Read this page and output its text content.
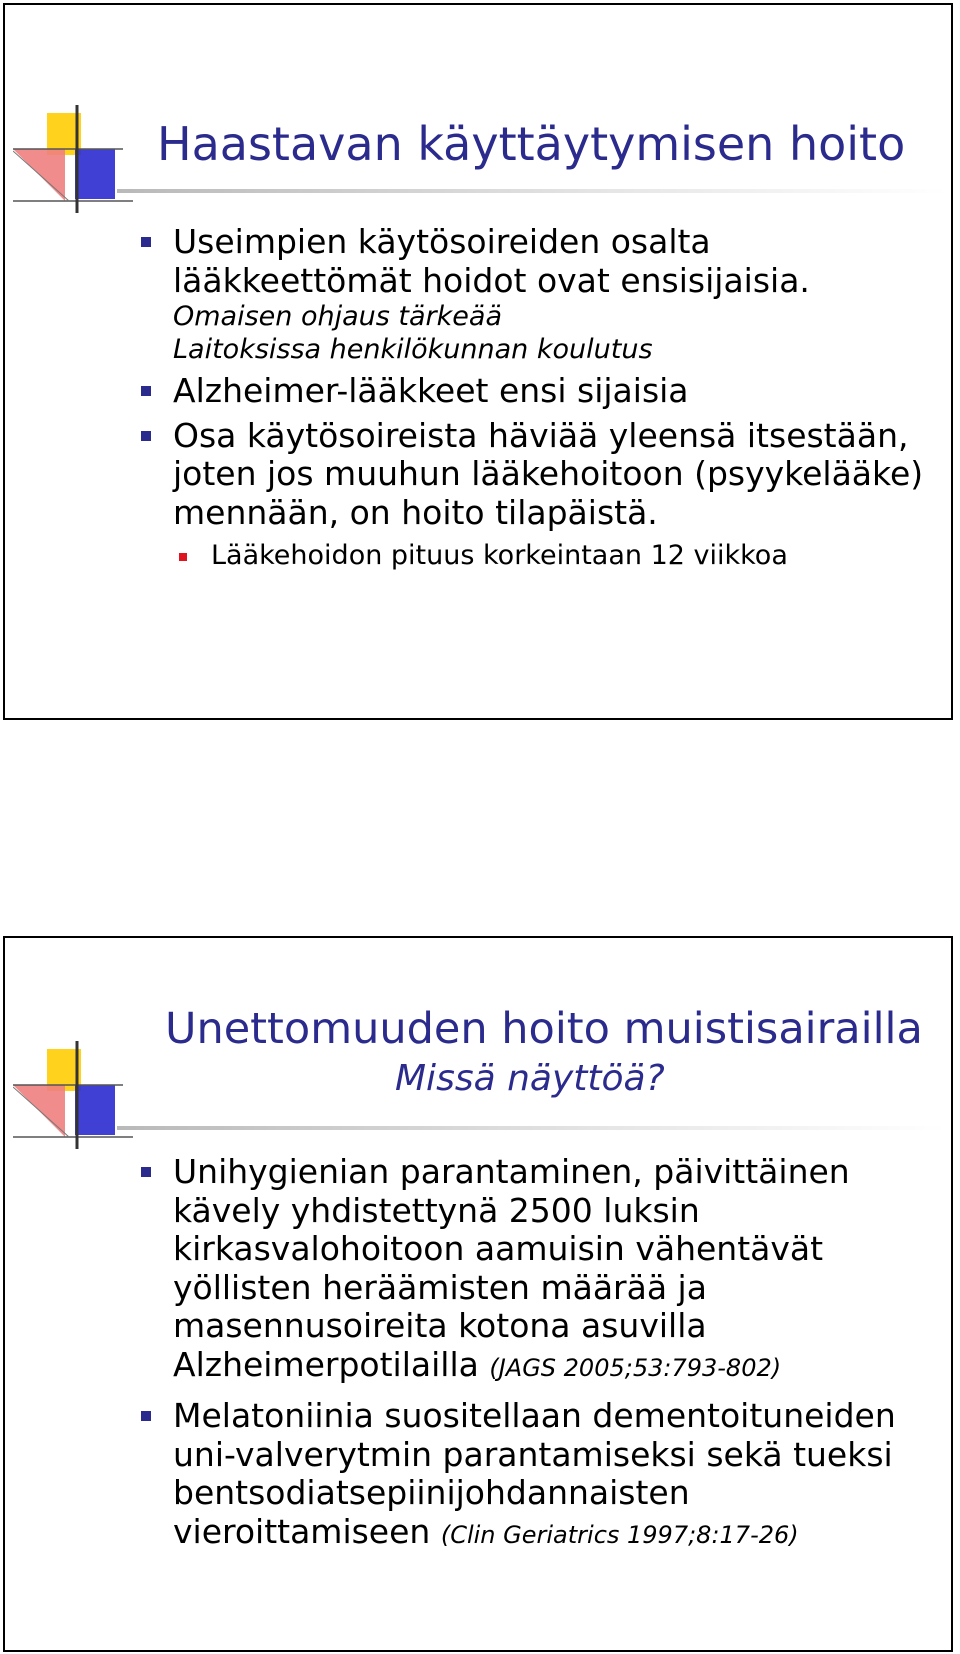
Haastavan käyttäytymisen hoito
Useimpien käytösoireiden osalta
lääkkeettömät hoidot ovat ensisijaisia.
Omaisen ohjaus tärkeää
Laitoksissa henkilökunnan koulutus
Alzheimer-lääkkeet ensi sijaisia
Osa käytösoireista häviää yleensä itsestään,
joten jos muuhun lääkehoitoon (psyykelääke)
mennään, on hoito tilapäistä.
Lääkehoidon pituus korkeintaan 12 viikkoa
Unettomuuden hoito muistisairailla
Missä näyttöä?
Unihygienian parantaminen, päivittäinen
kävely yhdistettynä 2500 luksin
kirkasvalohoitoon aamuisin vähentävät
yöllisten heräämisten määrää ja
masennusoireita kotona asuvilla
Alzheimerpotilailla (JAGS 2005;53:793-802)
Melatoniinia suositellaan dementoituneiden
uni-valverytmin parantamiseksi sekä tueksi
bentsodiatsepiinijohdannaisten
vieroittamiseen (Clin Geriatrics 1997;8:17-26)
